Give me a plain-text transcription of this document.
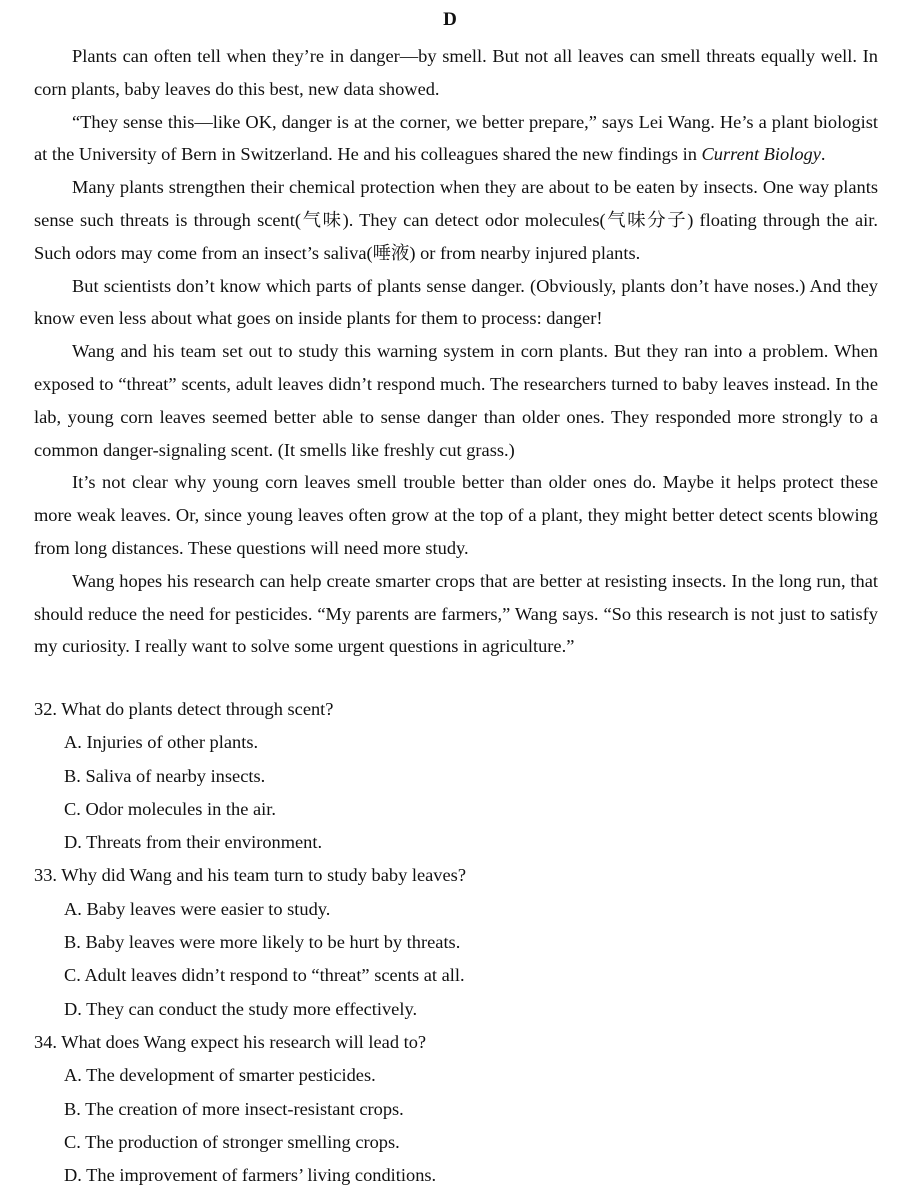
D

Plants can often tell when they’re in danger—by smell. But not all leaves can smell threats equally well. In corn plants, baby leaves do this best, new data showed.

“They sense this—like OK, danger is at the corner, we better prepare,” says Lei Wang. He’s a plant biologist at the University of Bern in Switzerland. He and his colleagues shared the new findings in Current Biology.

Many plants strengthen their chemical protection when they are about to be eaten by insects. One way plants sense such threats is through scent(气味). They can detect odor molecules(气味分子) floating through the air. Such odors may come from an insect’s saliva(唾液) or from nearby injured plants.

But scientists don’t know which parts of plants sense danger. (Obviously, plants don’t have noses.) And they know even less about what goes on inside plants for them to process: danger!

Wang and his team set out to study this warning system in corn plants. But they ran into a problem. When exposed to “threat” scents, adult leaves didn’t respond much. The researchers turned to baby leaves instead. In the lab, young corn leaves seemed better able to sense danger than older ones. They responded more strongly to a common danger-signaling scent. (It smells like freshly cut grass.)

It’s not clear why young corn leaves smell trouble better than older ones do. Maybe it helps protect these more weak leaves. Or, since young leaves often grow at the top of a plant, they might better detect scents blowing from long distances. These questions will need more study.

Wang hopes his research can help create smarter crops that are better at resisting insects. In the long run, that should reduce the need for pesticides. “My parents are farmers,” Wang says. “So this research is not just to satisfy my curiosity. I really want to solve some urgent questions in agriculture.”

32. What do plants detect through scent?

A. Injuries of other plants.

B. Saliva of nearby insects.

C. Odor molecules in the air.

D. Threats from their environment.

33. Why did Wang and his team turn to study baby leaves?

A. Baby leaves were easier to study.

B. Baby leaves were more likely to be hurt by threats.

C. Adult leaves didn’t respond to “threat” scents at all.

D. They can conduct the study more effectively.

34. What does Wang expect his research will lead to?

A. The development of smarter pesticides.

B. The creation of more insect-resistant crops.

C. The production of stronger smelling crops.

D. The improvement of farmers’ living conditions.
